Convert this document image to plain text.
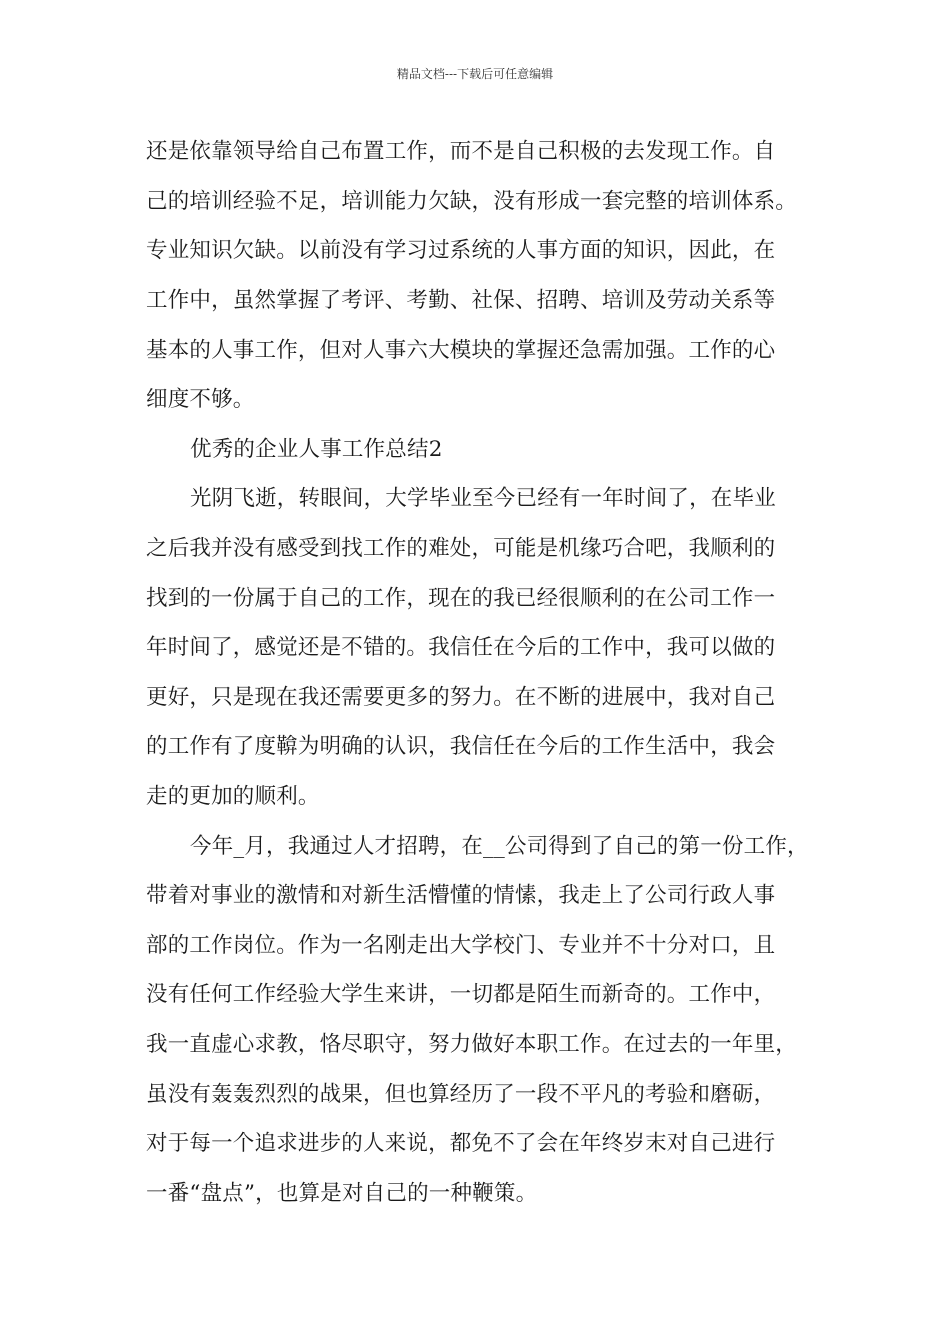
精品文档---下载后可任意编辑
还是依靠领导给自己布置工作，而不是自己积极的去发现工作。自
己的培训经验不足，培训能力欠缺，没有形成一套完整的培训体系。
专业知识欠缺。以前没有学习过系统的人事方面的知识，因此，在
工作中，虽然掌握了考评、考勤、社保、招聘、培训及劳动关系等
基本的人事工作，但对人事六大模块的掌握还急需加强。工作的心
细度不够。
优秀的企业人事工作总结2
光阴飞逝，转眼间，大学毕业至今已经有一年时间了，在毕业
之后我并没有感受到找工作的难处，可能是机缘巧合吧，我顺利的
找到的一份属于自己的工作，现在的我已经很顺利的在公司工作一
年时间了，感觉还是不错的。我信任在今后的工作中，我可以做的
更好，只是现在我还需要更多的努力。在不断的进展中，我对自己
的工作有了度鞥为明确的认识，我信任在今后的工作生活中，我会
走的更加的顺利。
今年_月，我通过人才招聘，在__公司得到了自己的第一份工作，
带着对事业的激情和对新生活懵懂的情愫，我走上了公司行政人事
部的工作岗位。作为一名刚走出大学校门、专业并不十分对口，且
没有任何工作经验大学生来讲，一切都是陌生而新奇的。工作中，
我一直虚心求教，恪尽职守，努力做好本职工作。在过去的一年里，
虽没有轰轰烈烈的战果，但也算经历了一段不平凡的考验和磨砺，
对于每一个追求进步的人来说，都免不了会在年终岁末对自己进行
一番“盘点”，也算是对自己的一种鞭策。
